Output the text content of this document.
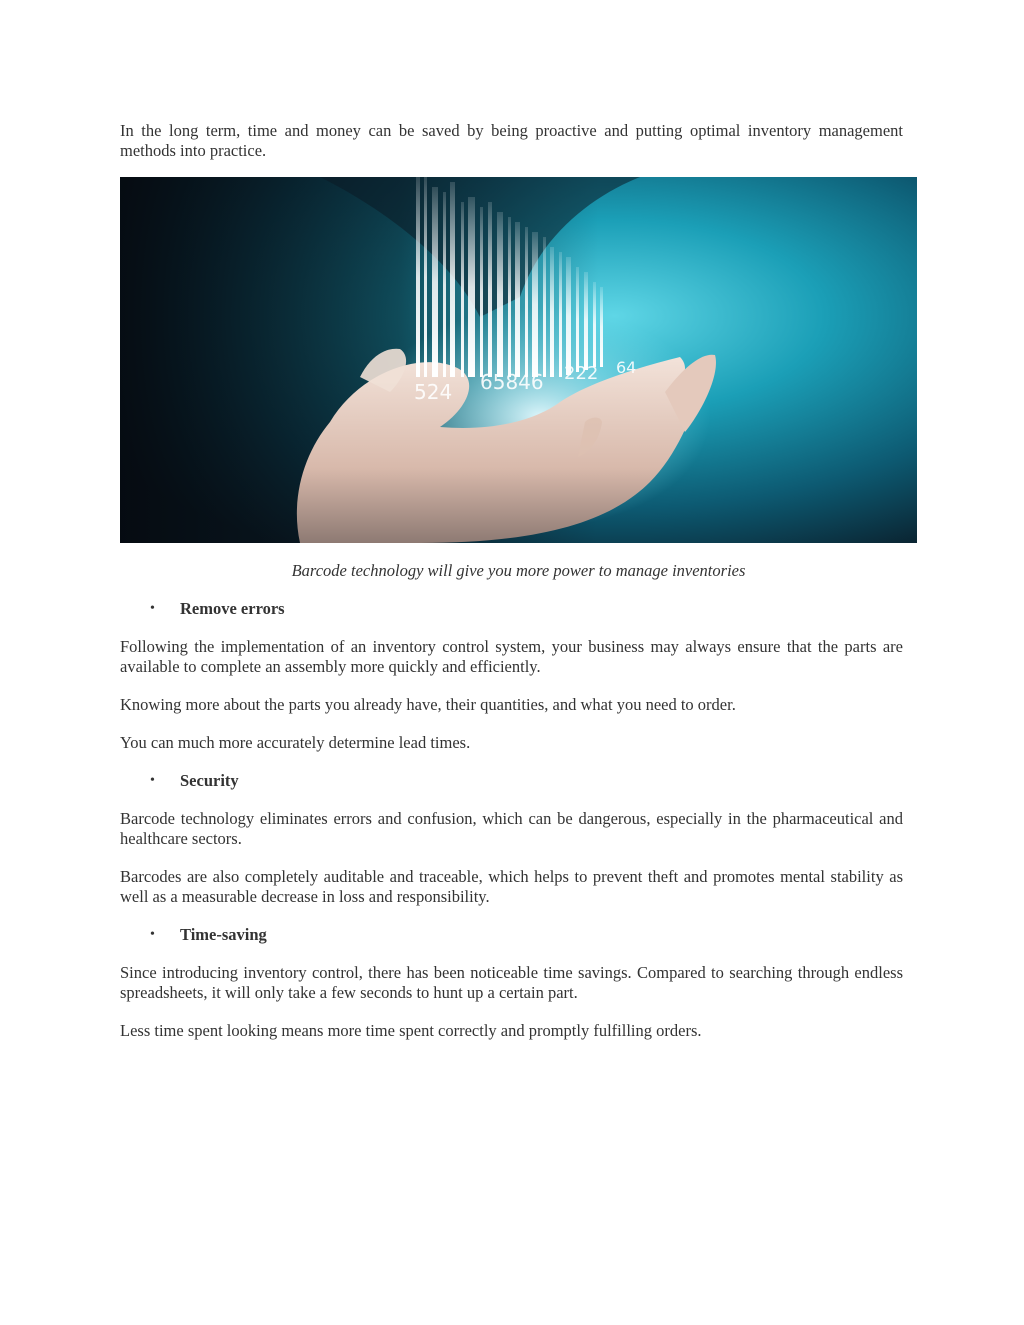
In the long term, time and money can be saved by being proactive and putting optimal inventory management methods into practice.

524 65846 222 64

Barcode technology will give you more power to manage inventories

•	Remove errors

Following the implementation of an inventory control system, your business may always ensure that the parts are available to complete an assembly more quickly and efficiently.

Knowing more about the parts you already have, their quantities, and what you need to order.

You can much more accurately determine lead times.

•	Security

Barcode technology eliminates errors and confusion, which can be dangerous, especially in the pharmaceutical and healthcare sectors.

Barcodes are also completely auditable and traceable, which helps to prevent theft and promotes mental stability as well as a measurable decrease in loss and responsibility.

•	Time-saving

Since introducing inventory control, there has been noticeable time savings. Compared to searching through endless spreadsheets, it will only take a few seconds to hunt up a certain part.

Less time spent looking means more time spent correctly and promptly fulfilling orders.
